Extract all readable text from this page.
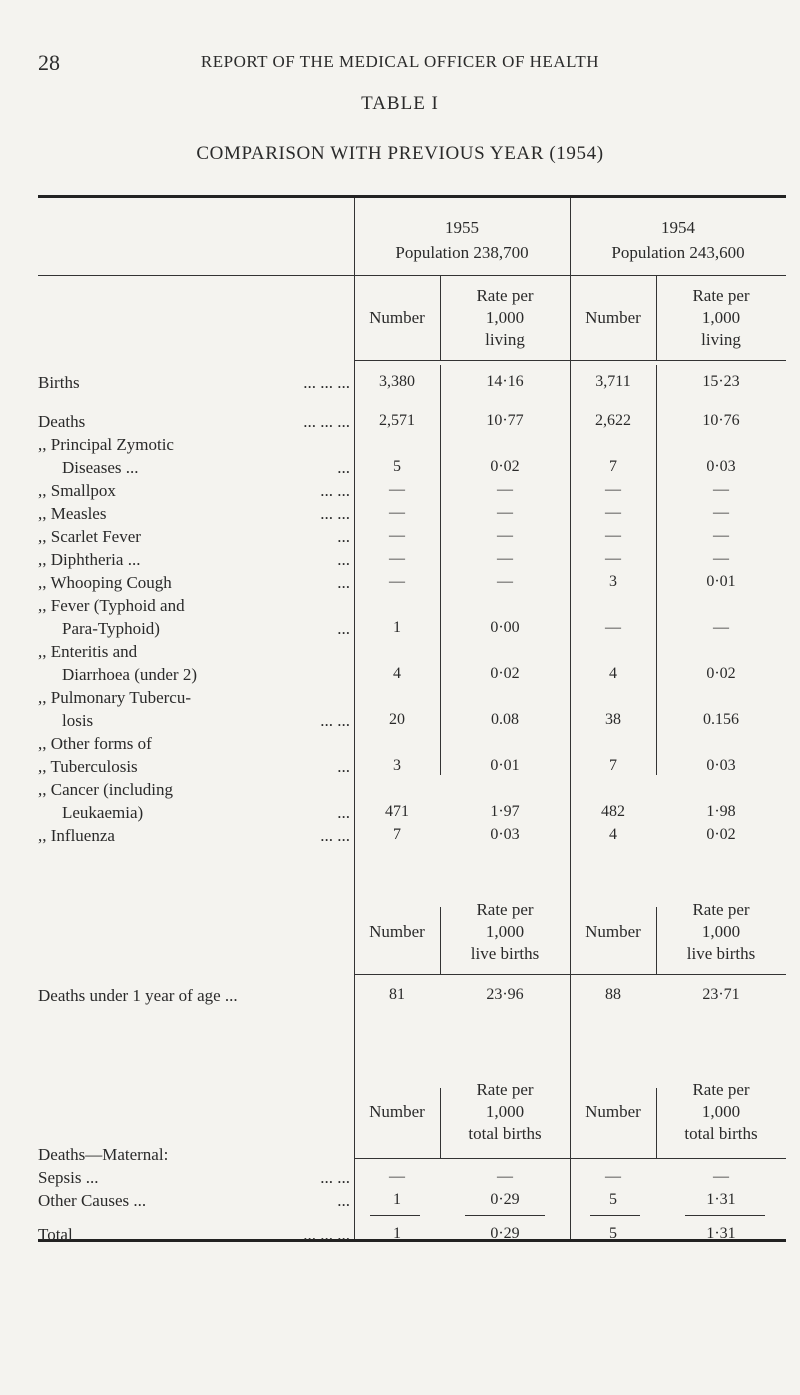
28	REPORT OF THE MEDICAL OFFICER OF HEALTH
TABLE I
COMPARISON WITH PREVIOUS YEAR (1954)
1955
Population 238,700
1954
Population 243,600
Number
Rate per
1,000
living
Number
Rate per
1,000
living
Births	... ... ...	3,380	14·16	3,711	15·23
Deaths	... ... ...	2,571	10·77	2,622	10·76
,, Principal Zymotic
Diseases ...	...	5	0·02	7	0·03
,, Smallpox	... ...	—	—	—	—
,, Measles	... ...	—	—	—	—
,, Scarlet Fever	...	—	—	—	—
,, Diphtheria ...	...	—	—	—	—
,, Whooping Cough	...	—	—	3	0·01
,, Fever (Typhoid and
Para-Typhoid)	...	1	0·00	—	—
,, Enteritis and
Diarrhoea (under 2)	4	0·02	4	0·02
,, Pulmonary Tubercu-
losis	... ...	20	0.08	38	0.156
,, Other forms of
,, Tuberculosis	...	3	0·01	7	0·03
,, Cancer (including
Leukaemia)	...	471	1·97	482	1·98
,, Influenza	... ...	7	0·03	4	0·02
Number
Rate per
1,000
live births
Number
Rate per
1,000
live births
Deaths under 1 year of age ...	81	23·96	88	23·71
Number
Rate per
1,000
total births
Number
Rate per
1,000
total births
Deaths—Maternal:
Sepsis ...	... ...	—	—	—	—
Other Causes ...	...	1	0·29	5	1·31
Total	... ... ...	1	0·29	5	1·31
